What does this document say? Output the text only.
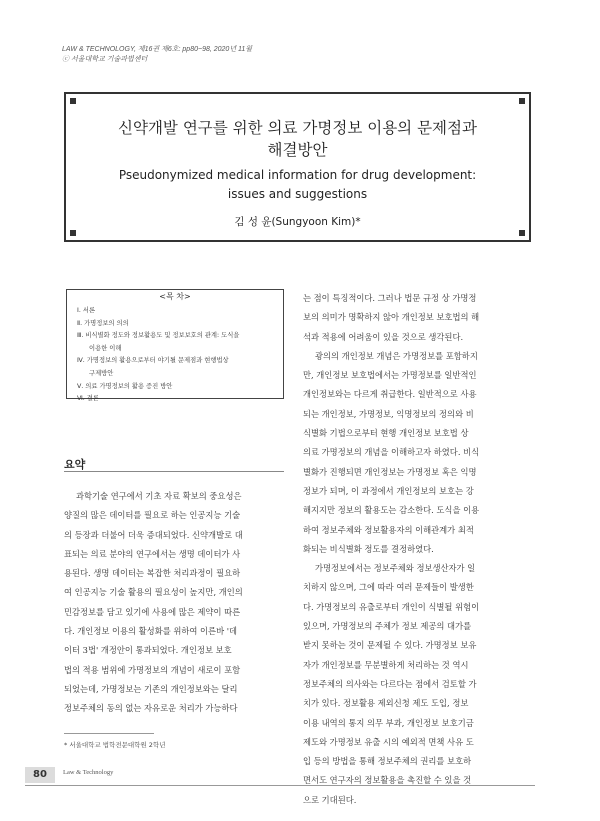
LAW & TECHNOLOGY, 제16권 제6호: pp80~98, 2020년 11월
ⓒ 서울대학교 기술과법센터
신약개발 연구를 위한 의료 가명정보 이용의 문제점과
해결방안
Pseudonymized medical information for drug development:
issues and suggestions
김 성 윤(Sungyoon Kim)*
<목 차>
Ⅰ. 서론
Ⅱ. 가명정보의 의의
Ⅲ. 비식별화 정도와 정보활용도 및 정보보호의 관계: 도식을
이용한 이해
Ⅳ. 가명정보의 활용으로부터 야기될 문제점과 현행법상
구제방안
Ⅴ. 의료 가명정보의 활용 증진 방안
Ⅵ. 결론
요약
과학기술 연구에서 기초 자료 확보의 중요성은
양질의 많은 데이터를 필요로 하는 인공지능 기술
의 등장과 더불어 더욱 증대되었다. 신약개발로 대
표되는 의료 분야의 연구에서는 생명 데이터가 사
용된다. 생명 데이터는 복잡한 처리과정이 필요하
여 인공지능 기술 활용의 필요성이 높지만, 개인의
민감정보를 담고 있기에 사용에 많은 제약이 따른
다. 개인정보 이용의 활성화를 위하여 이른바 '데
이터 3법' 개정안이 통과되었다. 개인정보 보호
법의 적용 범위에 가명정보의 개념이 새로이 포함
되었는데, 가명정보는 기존의 개인정보와는 달리
정보주체의 동의 없는 자유로운 처리가 가능하다
는 점이 특징적이다. 그러나 법문 규정 상 가명정
보의 의미가 명확하지 않아 개인정보 보호법의 해
석과 적용에 어려움이 있을 것으로 생각된다.
광의의 개인정보 개념은 가명정보를 포함하지
만, 개인정보 보호법에서는 가명정보를 일반적인
개인정보와는 다르게 취급한다. 일반적으로 사용
되는 개인정보, 가명정보, 익명정보의 정의와 비
식별화 기법으로부터 현행 개인정보 보호법 상
의료 가명정보의 개념을 이해하고자 하였다. 비식
별화가 진행되면 개인정보는 가명정보 혹은 익명
정보가 되며, 이 과정에서 개인정보의 보호는 강
해지지만 정보의 활용도는 감소한다. 도식을 이용
하여 정보주체와 정보활용자의 이해관계가 최적
화되는 비식별화 정도를 결정하였다.
가명정보에서는 정보주체와 정보생산자가 일
치하지 않으며, 그에 따라 여러 문제들이 발생한
다. 가명정보의 유출로부터 개인이 식별될 위험이
있으며, 가명정보의 주체가 정보 제공의 대가를
받지 못하는 것이 문제될 수 있다. 가명정보 보유
자가 개인정보를 무분별하게 처리하는 것 역시
정보주체의 의사와는 다르다는 점에서 검토할 가
치가 있다. 정보활용 제외신청 제도 도입, 정보
이용 내역의 통지 의무 부과, 개인정보 보호기금
제도와 가명정보 유출 시의 예외적 면책 사유 도
입 등의 방법을 통해 정보주체의 권리를 보호하
면서도 연구자의 정보활용을 촉진할 수 있을 것
으로 기대된다.
* 서울대학교 법학전문대학원 2학년
80	Law & Technology
